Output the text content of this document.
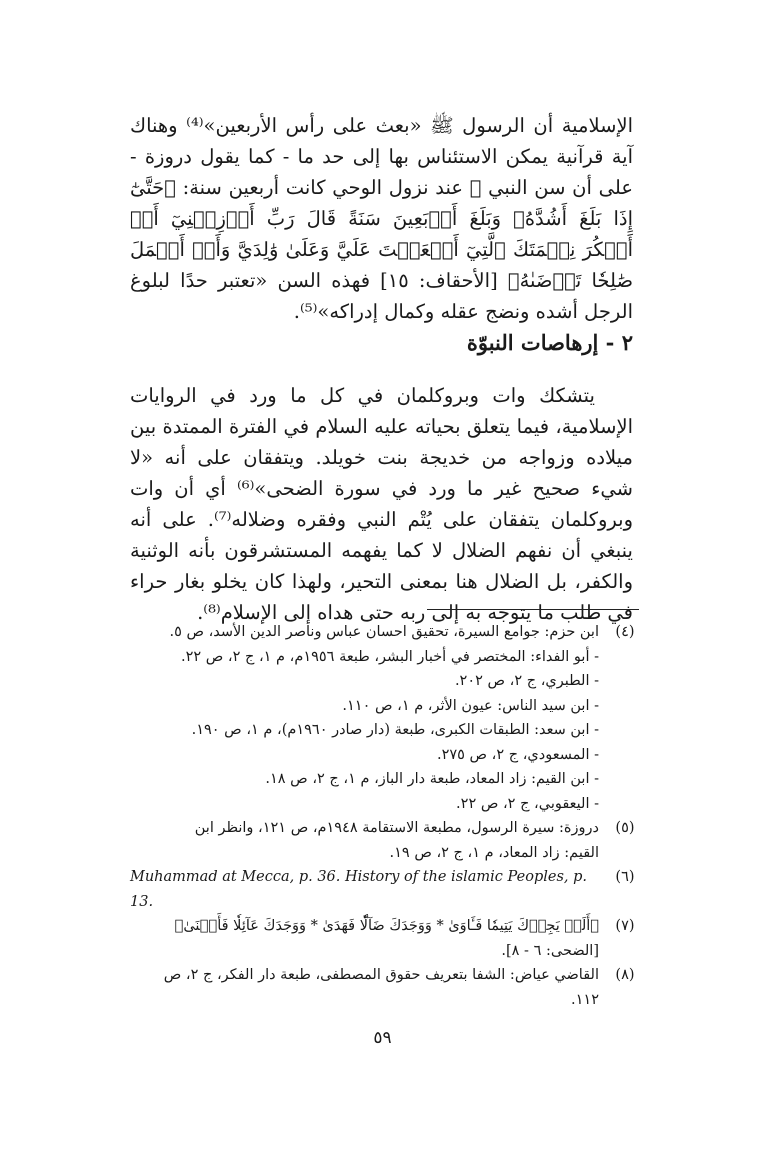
الإسلامية أن الرسول ﷺ «بعث على رأس الأربعين»⁽⁴⁾ وهناك آية قرآنية يمكن الاستئناس بها إلى حد ما - كما يقول دروزة - على أن سن النبي ﷺ عند نزول الوحي كانت أربعين سنة: ﴿حَتَّىٰٓ إِذَا بَلَغَ أَشُدَّهُۥ وَبَلَغَ أَرۡبَعِينَ سَنَةً قَالَ رَبِّ أَوۡزِعۡنِيٓ أَنۡ أَشۡكُرَ نِعۡمَتَكَ ٱلَّتِيٓ أَنۡعَمۡتَ عَلَيَّ وَعَلَىٰ وَٰلِدَيَّ وَأَنۡ أَعۡمَلَ صَٰلِحٗا تَرۡضَىٰهُ﴾ [الأحقاف: ١٥] فهذه السن «تعتبر حدًا لبلوغ الرجل أشده ونضج عقله وكمال إدراكه»⁽⁵⁾.

٢ - إرهاصات النبوّة

يتشكك وات وبروكلمان في كل ما ورد في الروايات الإسلامية، فيما يتعلق بحياته عليه السلام في الفترة الممتدة بين ميلاده وزواجه من خديجة بنت خويلد. ويتفقان على أنه «لا شيء صحيح غير ما ورد في سورة الضحى»⁽⁶⁾ أي أن وات وبروكلمان يتفقان على يُتْم النبي وفقره وضلاله⁽⁷⁾. على أنه ينبغي أن نفهم الضلال لا كما يفهمه المستشرقون بأنه الوثنية والكفر، بل الضلال هنا بمعنى التحير، ولهذا كان يخلو بغار حراء في طلب ما يتوجه به إلى ربه حتى هداه إلى الإسلام⁽⁸⁾.

(٤)
ابن حزم: جوامع السيرة، تحقيق احسان عباس وناصر الدين الأسد، ص ٥.
- أبو الفداء: المختصر في أخبار البشر، طبعة ١٩٥٦م، م ١، ج ٢، ص ٢٢.
- الطبري، ج ٢، ص ٢٠٢.
- ابن سيد الناس: عيون الأثر، م ١، ص ١١٠.
- ابن سعد: الطبقات الكبرى، طبعة (دار صادر ١٩٦٠م)، م ١، ص ١٩٠.
- المسعودي، ج ٢، ص ٢٧٥.
- ابن القيم: زاد المعاد، طبعة دار الباز، م ١، ج ٢، ص ١٨.
- اليعقوبي، ج ٢، ص ٢٢.
(٥)
دروزة: سيرة الرسول، مطبعة الاستقامة ١٩٤٨م، ص ١٢١، وانظر ابن
القيم: زاد المعاد، م ١، ج ٢، ص ١٩.
(٦)
Muhammad at Mecca, p. 36. History of the islamic Peoples, p. 13.
(٧)
﴿أَلَمۡ يَجِدۡكَ يَتِيمٗا فَـَٔاوَىٰ * وَوَجَدَكَ ضَآلّٗا فَهَدَىٰ * وَوَجَدَكَ عَآئِلٗا فَأَغۡنَىٰ﴾
[الضحى: ٦ - ٨].
(٨)
القاضي عياض: الشفا بتعريف حقوق المصطفى، طبعة دار الفكر، ج ٢، ص
١١٢.
٥٩
